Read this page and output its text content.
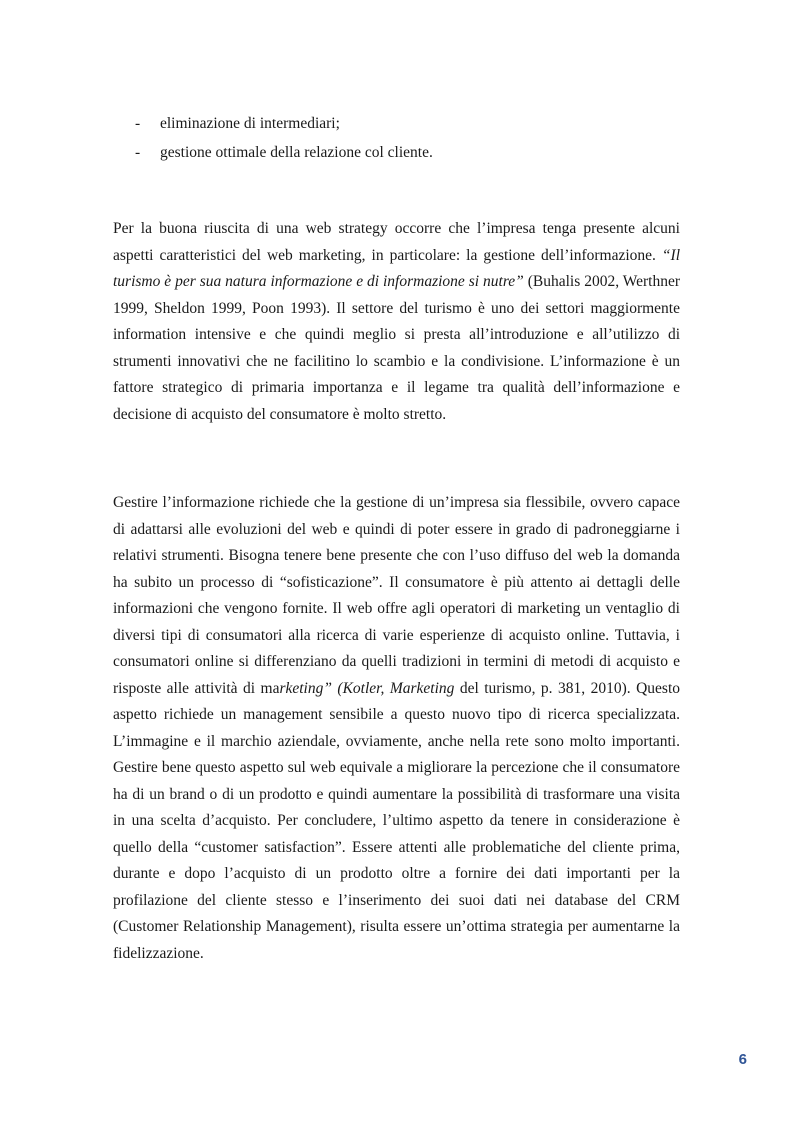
- eliminazione di intermediari;
- gestione ottimale della relazione col cliente.

Per la buona riuscita di una web strategy occorre che l’impresa tenga presente alcuni aspetti caratteristici del web marketing, in particolare: la gestione dell’informazione. “Il turismo è per sua natura informazione e di informazione si nutre” (Buhalis 2002, Werthner 1999, Sheldon 1999, Poon 1993). Il settore del turismo è uno dei settori maggiormente information intensive e che quindi meglio si presta all’introduzione e all’utilizzo di strumenti innovativi che ne facilitino lo scambio e la condivisione. L’informazione è un fattore strategico di primaria importanza e il legame tra qualità dell’informazione e decisione di acquisto del consumatore è molto stretto.

Gestire l’informazione richiede che la gestione di un’impresa sia flessibile, ovvero capace di adattarsi alle evoluzioni del web e quindi di poter essere in grado di padroneggiarne i relativi strumenti. Bisogna tenere bene presente che con l’uso diffuso del web la domanda ha subito un processo di “sofisticazione”. Il consumatore è più attento ai dettagli delle informazioni che vengono fornite. Il web offre agli operatori di marketing un ventaglio di diversi tipi di consumatori alla ricerca di varie esperienze di acquisto online. Tuttavia, i consumatori online si differenziano da quelli tradizioni in termini di metodi di acquisto e risposte alle attività di marketing” (Kotler, Marketing del turismo, p. 381, 2010). Questo aspetto richiede un management sensibile a questo nuovo tipo di ricerca specializzata. L’immagine e il marchio aziendale, ovviamente, anche nella rete sono molto importanti. Gestire bene questo aspetto sul web equivale a migliorare la percezione che il consumatore ha di un brand o di un prodotto e quindi aumentare la possibilità di trasformare una visita in una scelta d’acquisto. Per concludere, l’ultimo aspetto da tenere in considerazione è quello della “customer satisfaction”. Essere attenti alle problematiche del cliente prima, durante e dopo l’acquisto di un prodotto oltre a fornire dei dati importanti per la profilazione del cliente stesso e l’inserimento dei suoi dati nei database del CRM (Customer Relationship Management), risulta essere un’ottima strategia per aumentarne la fidelizzazione.

6
